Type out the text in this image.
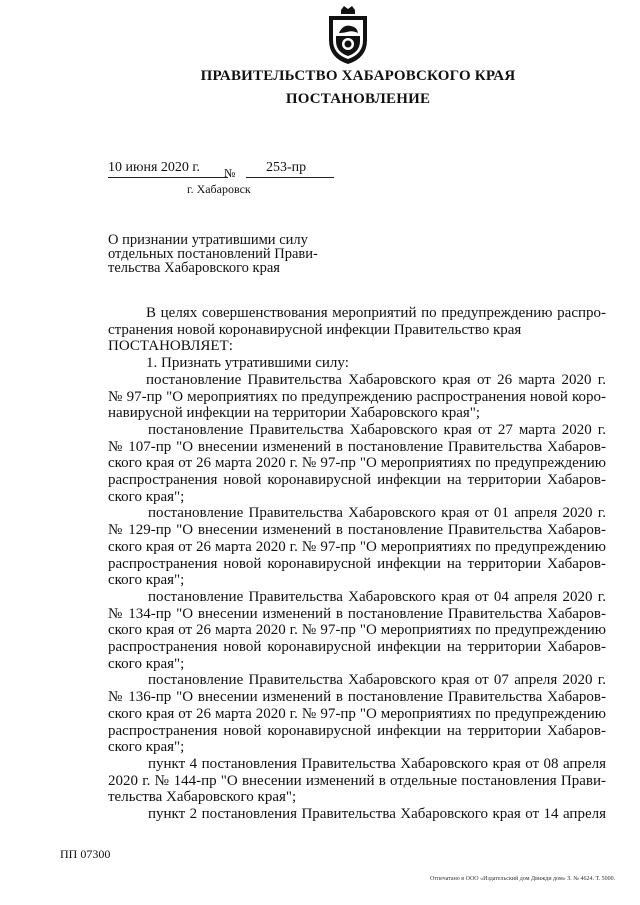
ПРАВИТЕЛЬСТВО ХАБАРОВСКОГО КРАЯ
ПОСТАНОВЛЕНИЕ
10 июня 2020 г. № 253-пр
г. Хабаровск
О признании утратившими силу
отдельных постановлений Прави-
тельства Хабаровского края
В целях совершенствования мероприятий по предупреждению распро-
странения новой коронавирусной инфекции Правительство края
ПОСТАНОВЛЯЕТ:
1. Признать утратившими силу:
постановление Правительства Хабаровского края от 26 марта 2020 г.
№ 97-пр "О мероприятиях по предупреждению распространения новой коро-
навирусной инфекции на территории Хабаровского края";
постановление Правительства Хабаровского края от 27 марта 2020 г.
№ 107-пр "О внесении изменений в постановление Правительства Хабаров-
ского края от 26 марта 2020 г. № 97-пр "О мероприятиях по предупреждению
распространения новой коронавирусной инфекции на территории Хабаров-
ского края";
постановление Правительства Хабаровского края от 01 апреля 2020 г.
№ 129-пр "О внесении изменений в постановление Правительства Хабаров-
ского края от 26 марта 2020 г. № 97-пр "О мероприятиях по предупреждению
распространения новой коронавирусной инфекции на территории Хабаров-
ского края";
постановление Правительства Хабаровского края от 04 апреля 2020 г.
№ 134-пр "О внесении изменений в постановление Правительства Хабаров-
ского края от 26 марта 2020 г. № 97-пр "О мероприятиях по предупреждению
распространения новой коронавирусной инфекции на территории Хабаров-
ского края";
постановление Правительства Хабаровского края от 07 апреля 2020 г.
№ 136-пр "О внесении изменений в постановление Правительства Хабаров-
ского края от 26 марта 2020 г. № 97-пр "О мероприятиях по предупреждению
распространения новой коронавирусной инфекции на территории Хабаров-
ского края";
пункт 4 постановления Правительства Хабаровского края от 08 апреля
2020 г. № 144-пр "О внесении изменений в отдельные постановления Прави-
тельства Хабаровского края";
пункт 2 постановления Правительства Хабаровского края от 14 апреля
ПП 07300
Отпечатано в ООО «Издательский дом Движди дом» З. № 4624. Т. 5000.
